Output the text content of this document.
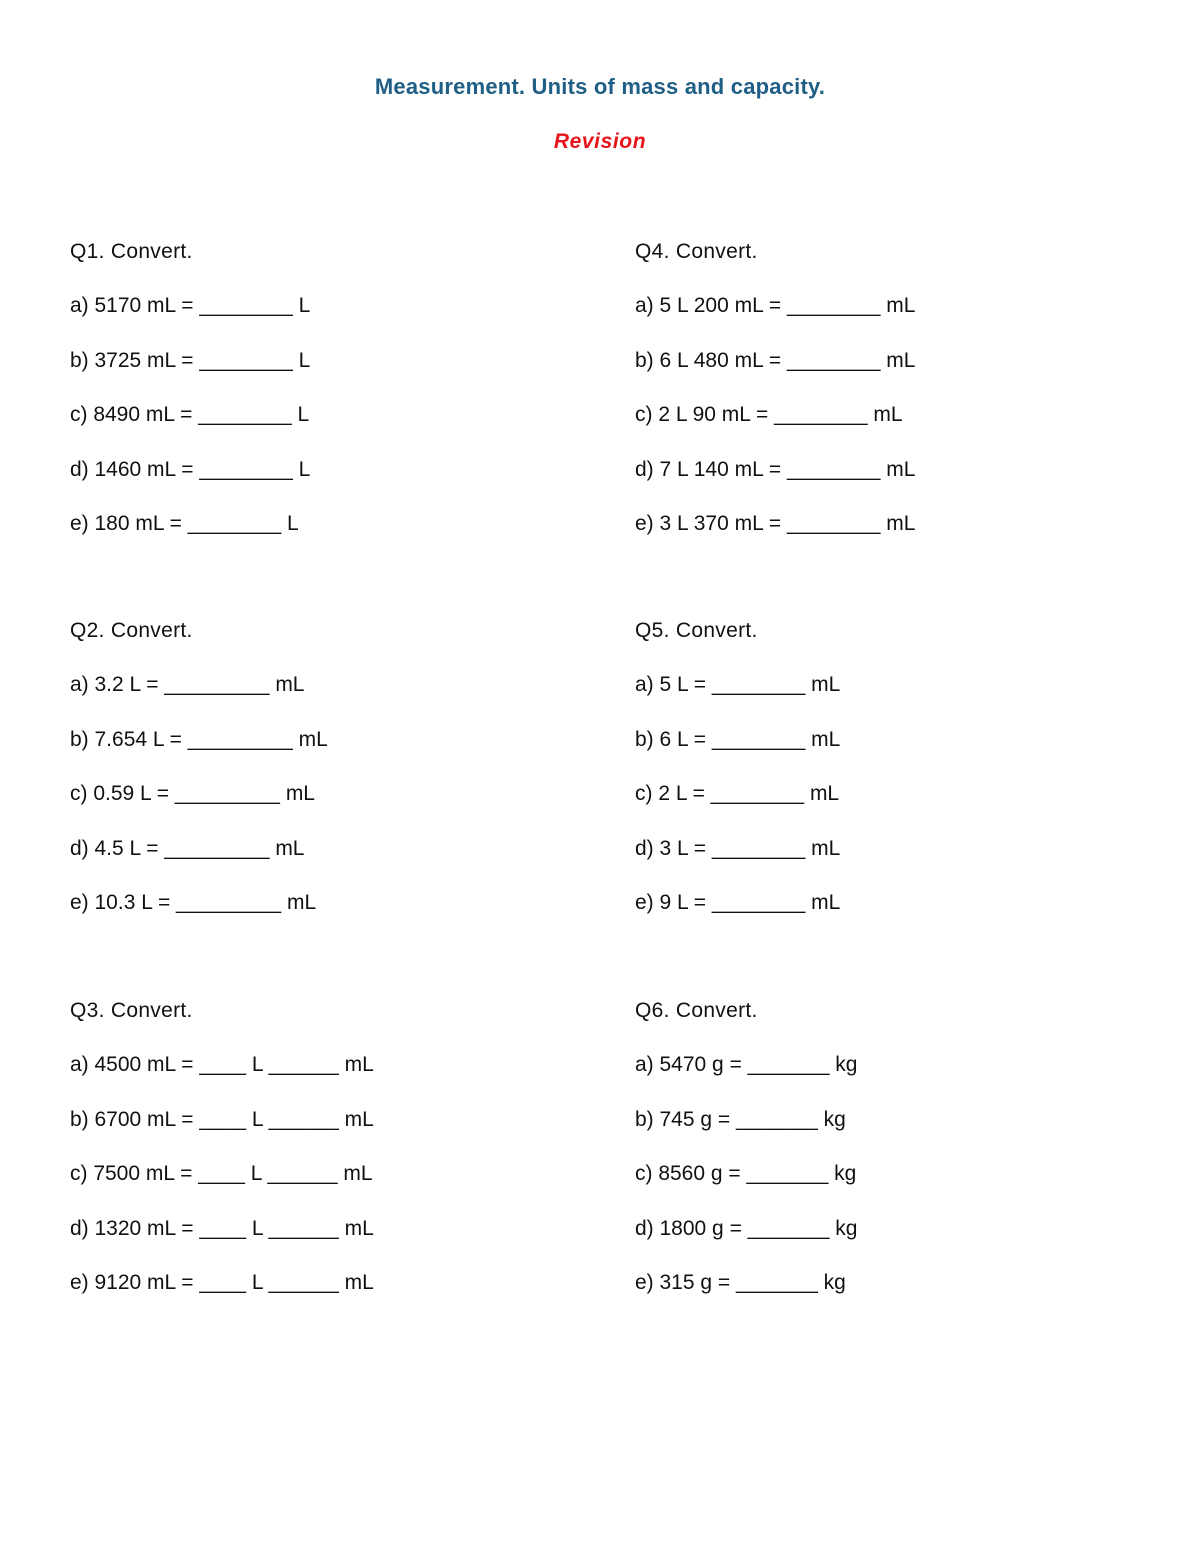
Measurement. Units of mass and capacity.
Revision
Q1. Convert.
a) 5170 mL = ________ L
b) 3725 mL = ________ L
c) 8490 mL = ________ L
d) 1460 mL = ________ L
e) 180 mL = ________ L
Q4. Convert.
a) 5 L 200 mL = ________ mL
b) 6 L 480 mL = ________ mL
c) 2 L 90 mL = ________ mL
d) 7 L 140 mL = ________ mL
e) 3 L 370 mL = ________ mL
Q2. Convert.
a) 3.2 L = _________ mL
b) 7.654 L = _________ mL
c) 0.59 L = _________ mL
d) 4.5 L = _________ mL
e) 10.3 L = _________ mL
Q5. Convert.
a) 5 L = ________ mL
b) 6 L = ________ mL
c) 2 L = ________ mL
d) 3 L = ________ mL
e) 9 L = ________ mL
Q3. Convert.
a) 4500 mL = ____ L ______ mL
b) 6700 mL = ____ L ______ mL
c) 7500 mL = ____ L ______ mL
d) 1320 mL = ____ L ______ mL
e) 9120 mL = ____ L ______ mL
Q6. Convert.
a) 5470 g = _______ kg
b) 745 g = _______ kg
c) 8560 g = _______ kg
d) 1800 g = _______ kg
e) 315 g = _______ kg
